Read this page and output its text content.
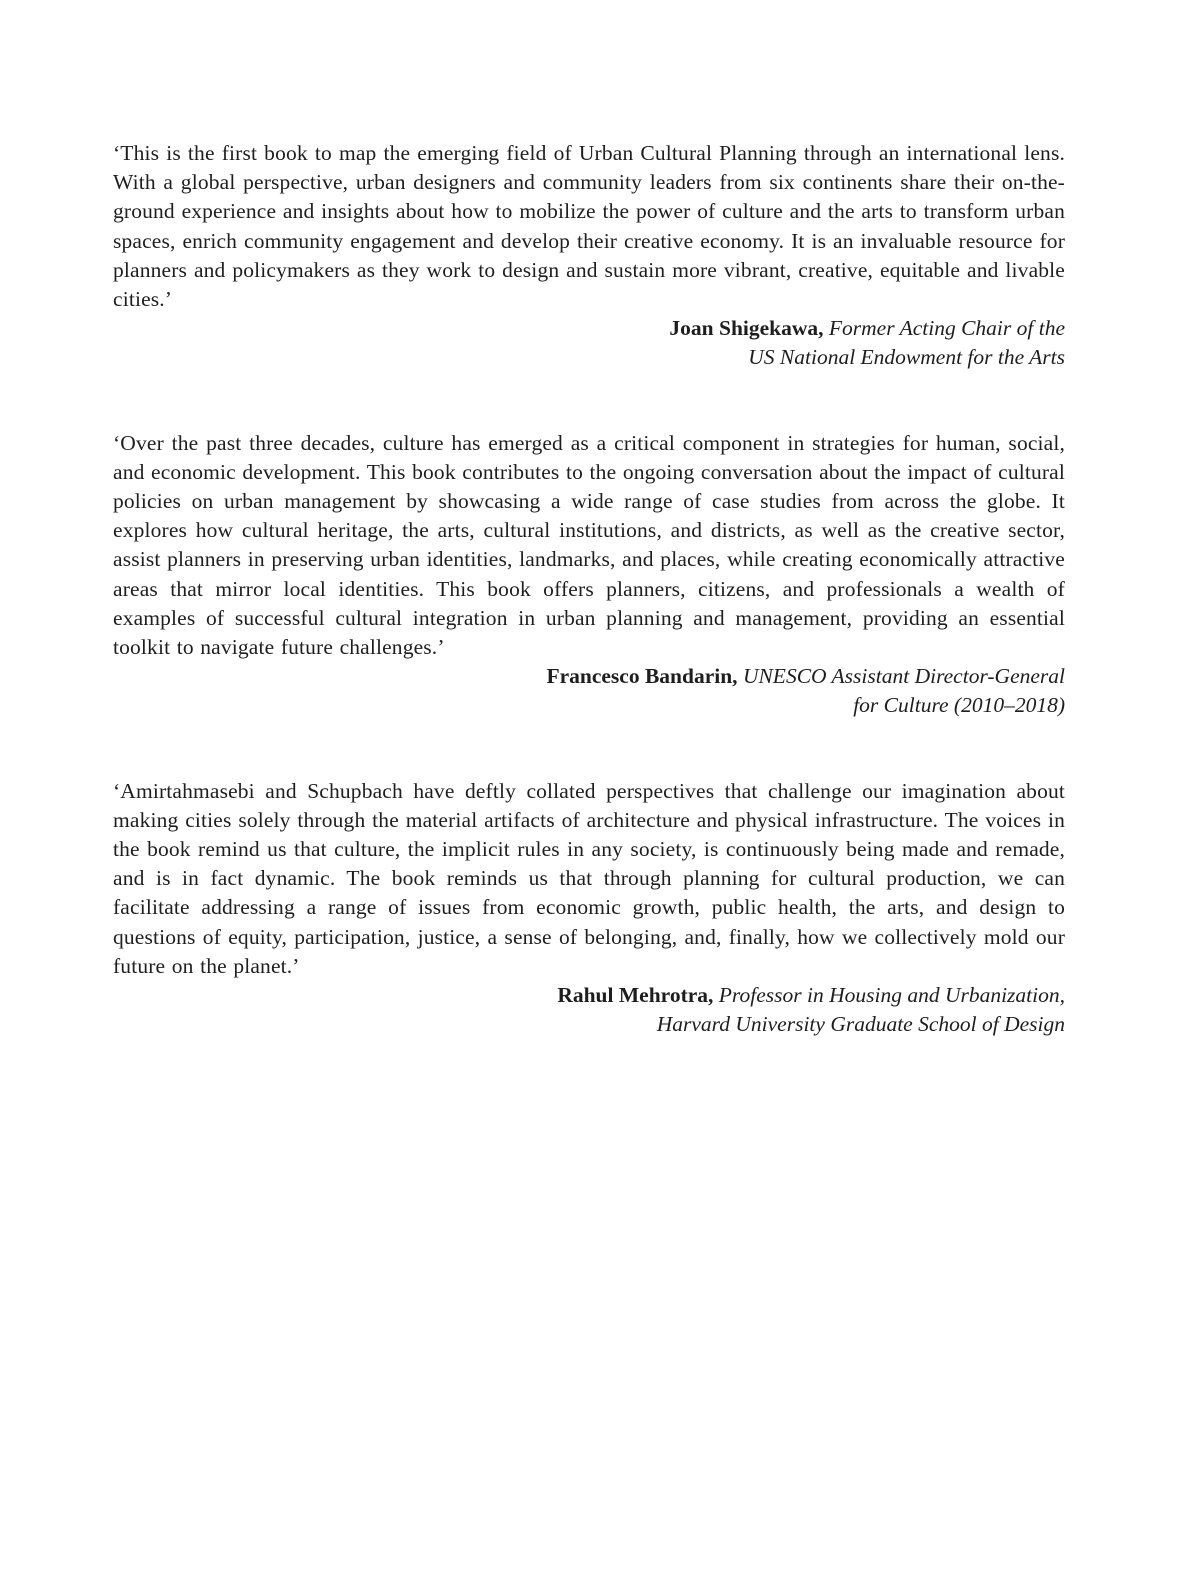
‘This is the first book to map the emerging field of Urban Cultural Planning through an international lens. With a global perspective, urban designers and community leaders from six continents share their on-the-ground experience and insights about how to mobilize the power of culture and the arts to transform urban spaces, enrich community engagement and develop their creative economy. It is an invaluable resource for planners and policymakers as they work to design and sustain more vibrant, creative, equitable and livable cities.’

Joan Shigekawa, Former Acting Chair of the
US National Endowment for the Arts

‘Over the past three decades, culture has emerged as a critical component in strategies for human, social, and economic development. This book contributes to the ongoing conversation about the impact of cultural policies on urban management by showcasing a wide range of case studies from across the globe. It explores how cultural heritage, the arts, cultural institutions, and districts, as well as the creative sector, assist planners in preserving urban identities, landmarks, and places, while creating economically attractive areas that mirror local identities. This book offers planners, citizens, and professionals a wealth of examples of successful cultural integration in urban planning and management, providing an essential toolkit to navigate future challenges.’

Francesco Bandarin, UNESCO Assistant Director-General
for Culture (2010–2018)

‘Amirtahmasebi and Schupbach have deftly collated perspectives that challenge our imagination about making cities solely through the material artifacts of architecture and physical infrastructure. The voices in the book remind us that culture, the implicit rules in any society, is continuously being made and remade, and is in fact dynamic. The book reminds us that through planning for cultural production, we can facilitate addressing a range of issues from economic growth, public health, the arts, and design to questions of equity, participation, justice, a sense of belonging, and, finally, how we collectively mold our future on the planet.’

Rahul Mehrotra, Professor in Housing and Urbanization,
Harvard University Graduate School of Design
